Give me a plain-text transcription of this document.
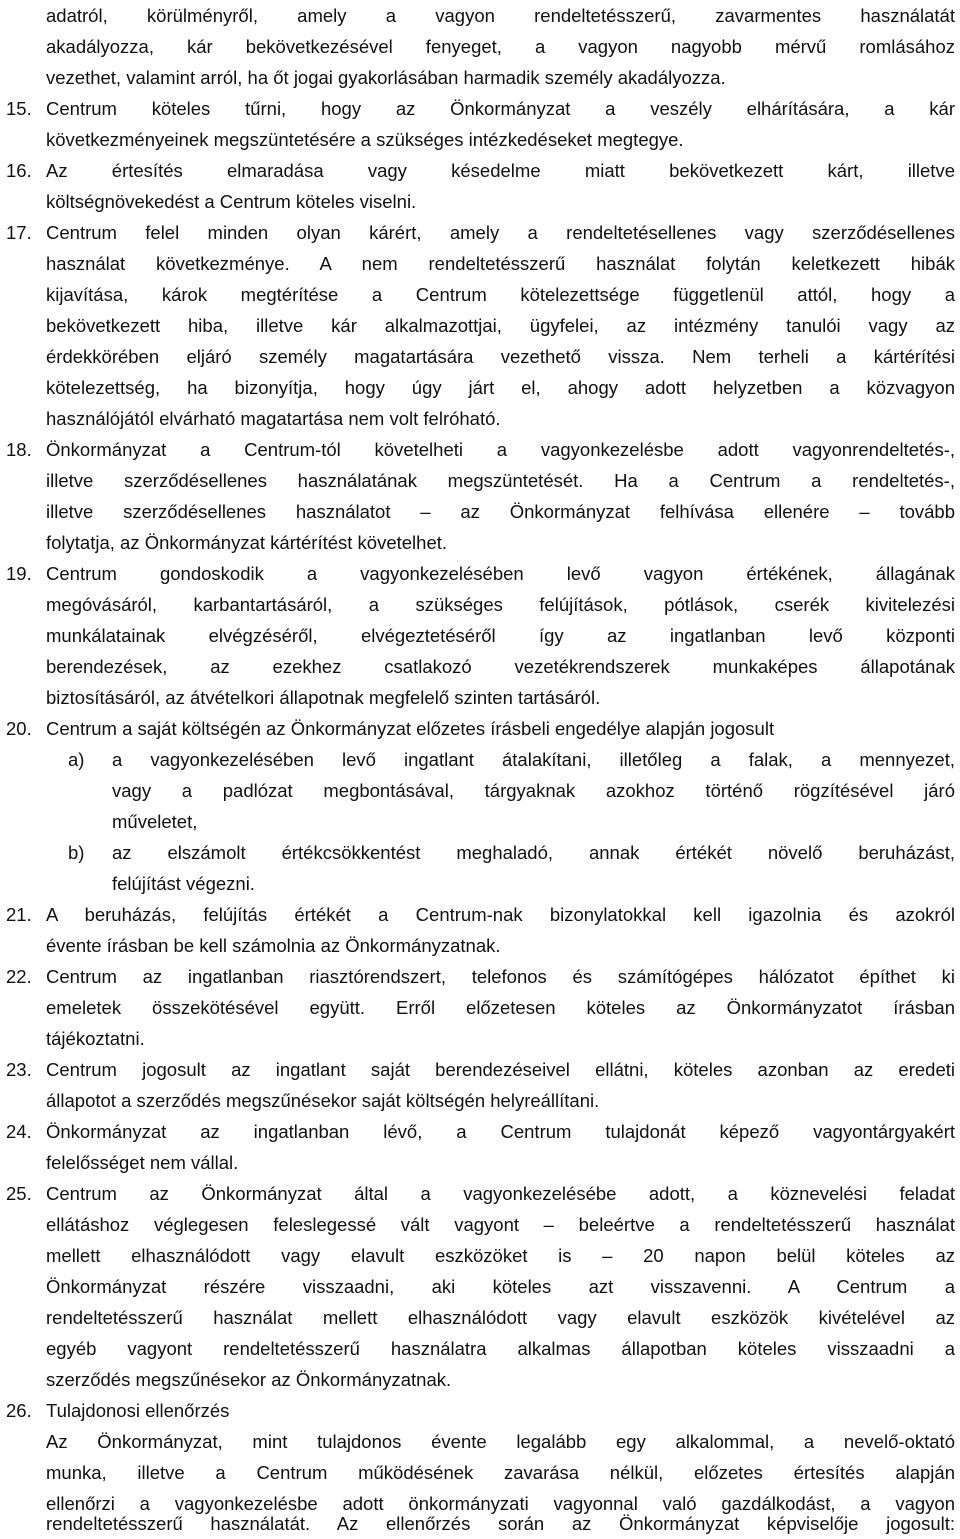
adatról, körülményről, amely a vagyon rendeltetésszerű, zavarmentes használatát
akadályozza, kár bekövetkezésével fenyeget, a vagyon nagyobb mérvű romlásához
vezethet, valamint arról, ha őt jogai gyakorlásában harmadik személy akadályozza.
15. Centrum köteles tűrni, hogy az Önkormányzat a veszély elhárítására, a kár
következményeinek megszüntetésére a szükséges intézkedéseket megtegye.
16. Az értesítés elmaradása vagy késedelme miatt bekövetkezett kárt, illetve
költségnövekedést a Centrum köteles viselni.
17. Centrum felel minden olyan kárért, amely a rendeltetésellenes vagy szerződésellenes
használat következménye. A nem rendeltetésszerű használat folytán keletkezett hibák
kijavítása, károk megtérítése a Centrum kötelezettsége függetlenül attól, hogy a
bekövetkezett hiba, illetve kár alkalmazottjai, ügyfelei, az intézmény tanulói vagy az
érdekkörében eljáró személy magatartására vezethető vissza. Nem terheli a kártérítési
kötelezettség, ha bizonyítja, hogy úgy járt el, ahogy adott helyzetben a közvagyon
használójától elvárható magatartása nem volt felróható.
18. Önkormányzat a Centrum-tól követelheti a vagyonkezelésbe adott vagyonrendeltetés-,
illetve szerződésellenes használatának megszüntetését. Ha a Centrum a rendeltetés-,
illetve szerződésellenes használatot – az Önkormányzat felhívása ellenére – tovább
folytatja, az Önkormányzat kártérítést követelhet.
19. Centrum gondoskodik a vagyonkezelésében levő vagyon értékének, állagának
megóvásáról, karbantartásáról, a szükséges felújítások, pótlások, cserék kivitelezési
munkálatainak elvégzéséről, elvégeztetéséről így az ingatlanban levő központi
berendezések, az ezekhez csatlakozó vezetékrendszerek munkaképes állapotának
biztosításáról, az átvételkori állapotnak megfelelő szinten tartásáról.
20. Centrum a saját költségén az Önkormányzat előzetes írásbeli engedélye alapján jogosult
a) a vagyonkezelésében levő ingatlant átalakítani, illetőleg a falak, a mennyezet,
vagy a padlózat megbontásával, tárgyaknak azokhoz történő rögzítésével járó
műveletet,
b) az elszámolt értékcsökkentést meghaladó, annak értékét növelő beruházást,
felújítást végezni.
21. A beruházás, felújítás értékét a Centrum-nak bizonylatokkal kell igazolnia és azokról
évente írásban be kell számolnia az Önkormányzatnak.
22. Centrum az ingatlanban riasztórendszert, telefonos és számítógépes hálózatot építhet ki
emeletek összekötésével együtt. Erről előzetesen köteles az Önkormányzatot írásban
tájékoztatni.
23. Centrum jogosult az ingatlant saját berendezéseivel ellátni, köteles azonban az eredeti
állapotot a szerződés megszűnésekor saját költségén helyreállítani.
24. Önkormányzat az ingatlanban lévő, a Centrum tulajdonát képező vagyontárgyakért
felelősséget nem vállal.
25. Centrum az Önkormányzat által a vagyonkezelésébe adott, a köznevelési feladat
ellátáshoz véglegesen feleslegessé vált vagyont – beleértve a rendeltetésszerű használat
mellett elhasználódott vagy elavult eszközöket is – 20 napon belül köteles az
Önkormányzat részére visszaadni, aki köteles azt visszavenni. A Centrum a
rendeltetésszerű használat mellett elhasználódott vagy elavult eszközök kivételével az
egyéb vagyont rendeltetésszerű használatra alkalmas állapotban köteles visszaadni a
szerződés megszűnésekor az Önkormányzatnak.
26. Tulajdonosi ellenőrzés
Az Önkormányzat, mint tulajdonos évente legalább egy alkalommal, a nevelő-oktató
munka, illetve a Centrum működésének zavarása nélkül, előzetes értesítés alapján
ellenőrzi a vagyonkezelésbe adott önkormányzati vagyonnal való gazdálkodást, a vagyon
rendeltetésszerű használatát. Az ellenőrzés során az Önkormányzat képviselője jogosult:
